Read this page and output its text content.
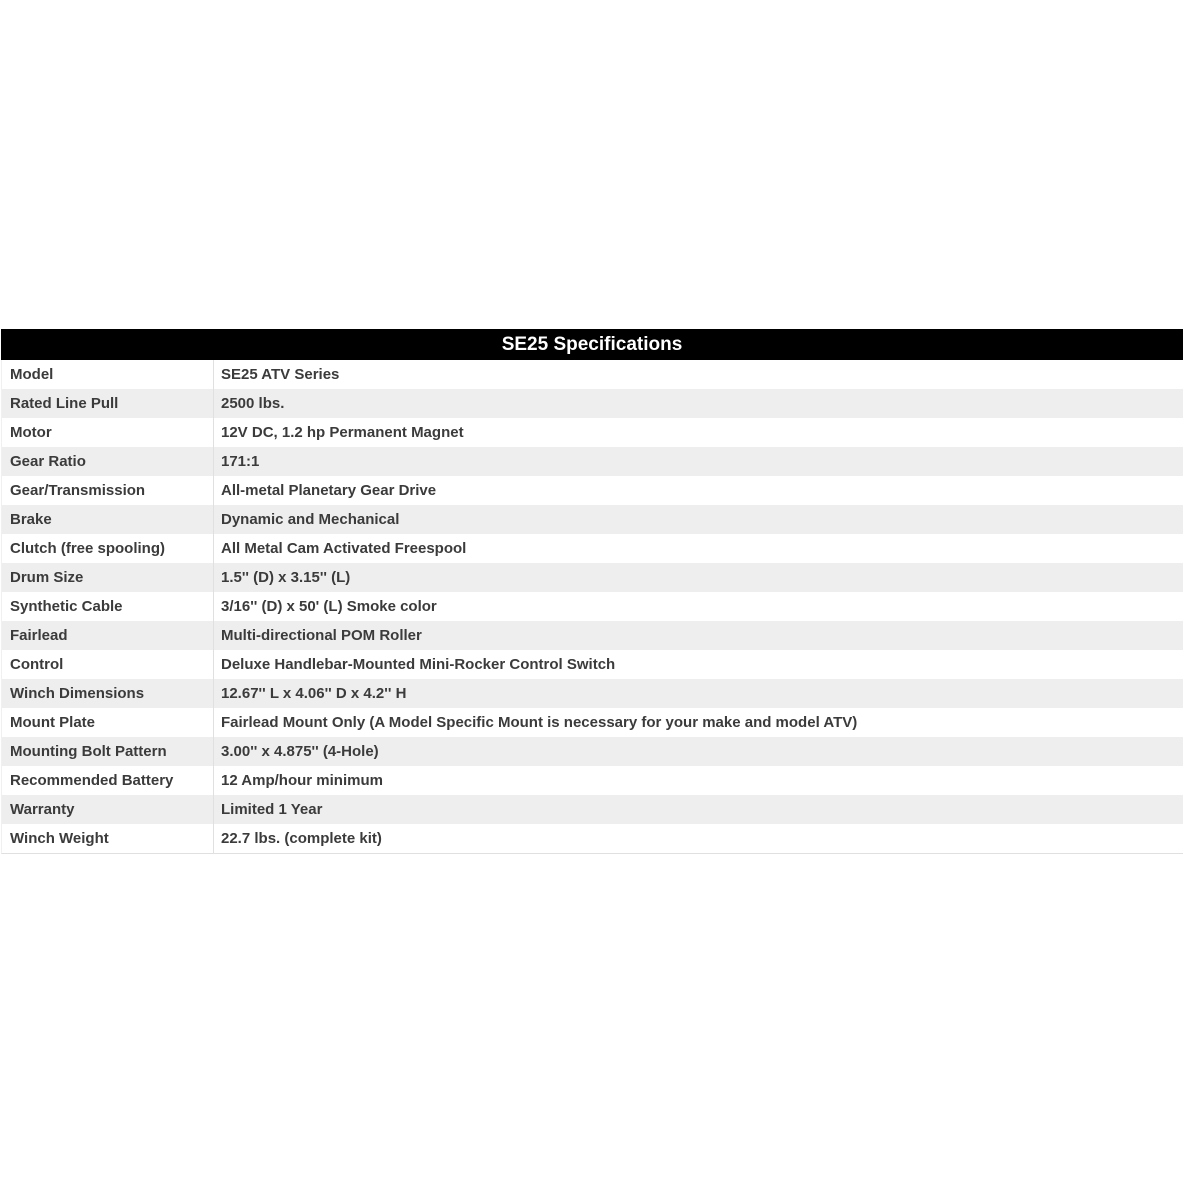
SE25 Specifications
Model	SE25 ATV Series
Rated Line Pull	2500 lbs.
Motor	12V DC, 1.2 hp Permanent Magnet
Gear Ratio	171:1
Gear/Transmission	All-metal Planetary Gear Drive
Brake	Dynamic and Mechanical
Clutch (free spooling)	All Metal Cam Activated Freespool
Drum Size	1.5'' (D) x 3.15'' (L)
Synthetic Cable	3/16'' (D) x 50' (L) Smoke color
Fairlead	Multi-directional POM Roller
Control	Deluxe Handlebar-Mounted Mini-Rocker Control Switch
Winch Dimensions	12.67'' L x 4.06'' D x 4.2'' H
Mount Plate	Fairlead Mount Only (A Model Specific Mount is necessary for your make and model ATV)
Mounting Bolt Pattern	3.00'' x 4.875'' (4-Hole)
Recommended Battery	12 Amp/hour minimum
Warranty	Limited 1 Year
Winch Weight	22.7 lbs. (complete kit)
